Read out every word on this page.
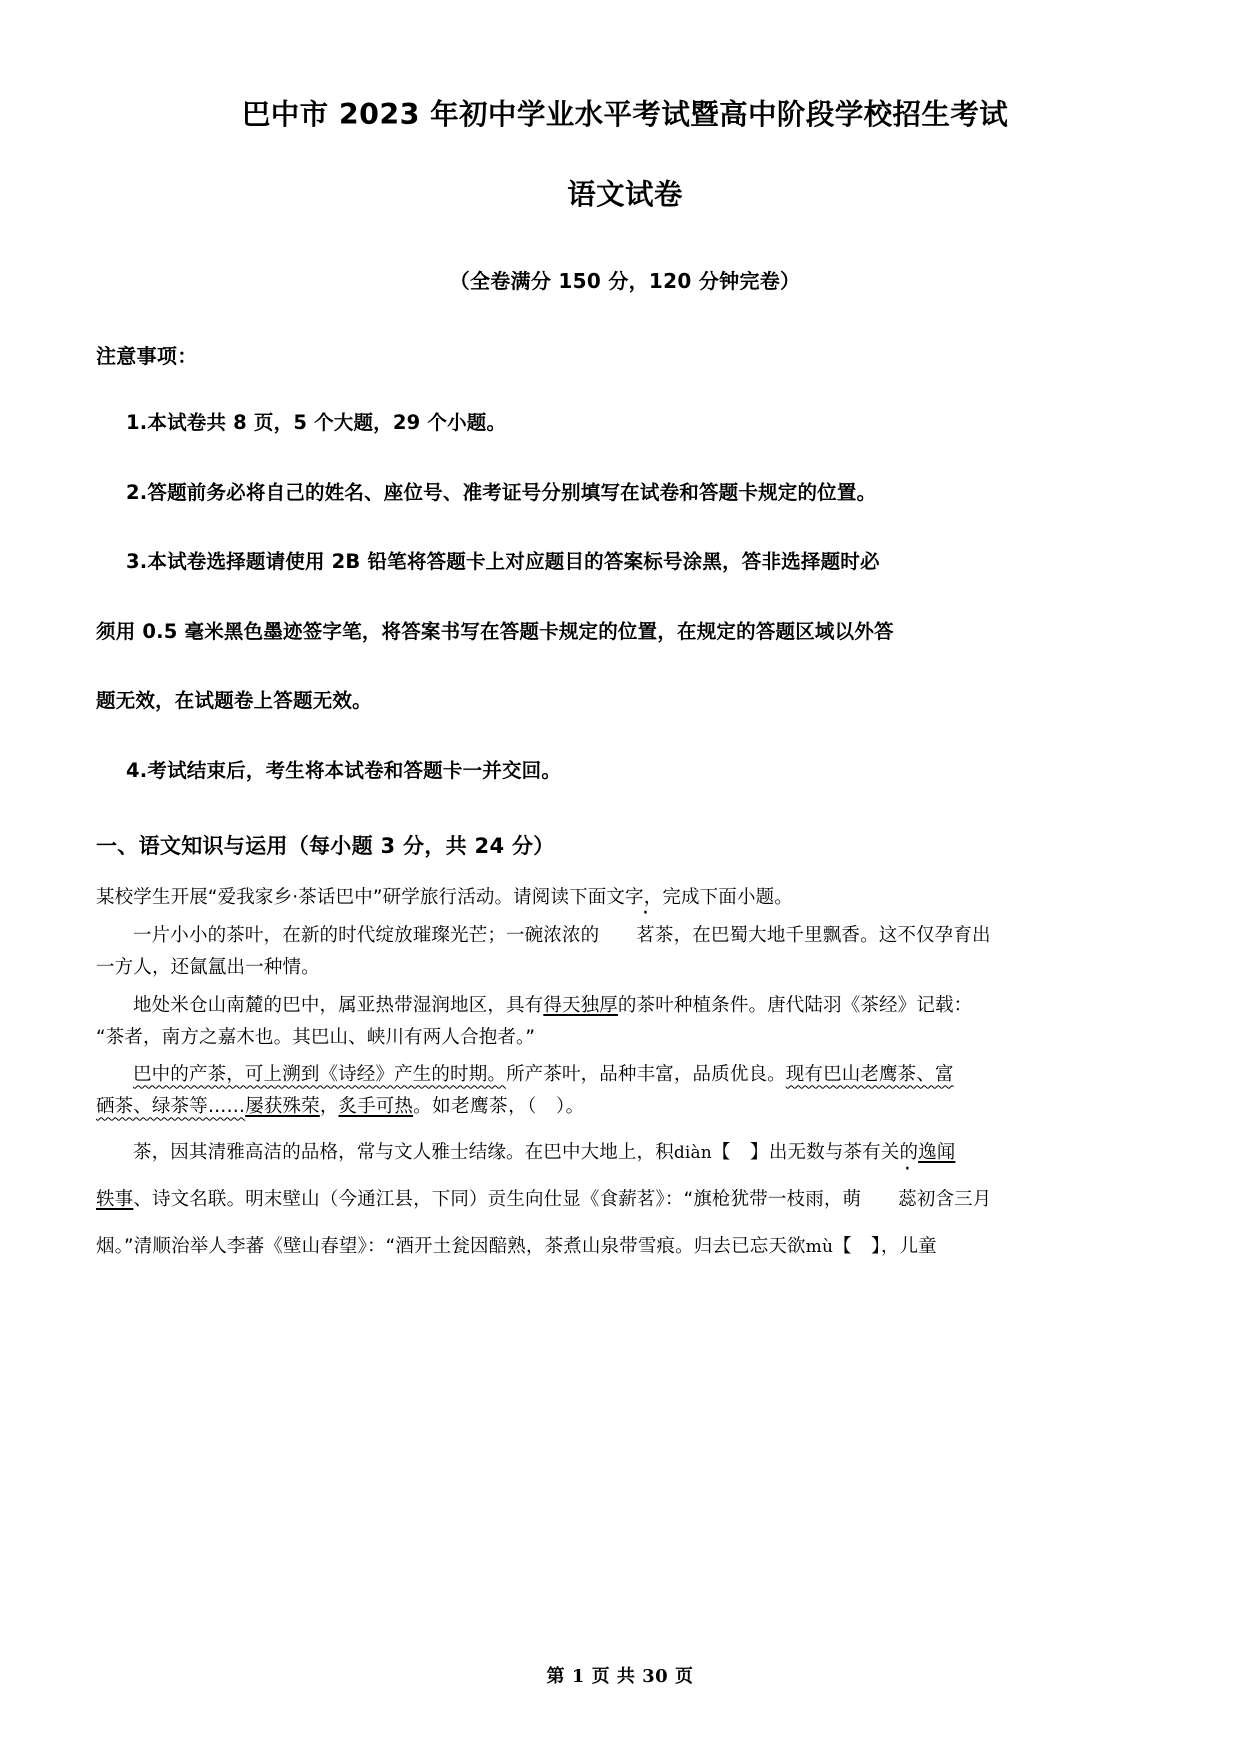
巴中市 2023 年初中学业水平考试暨高中阶段学校招生考试
语文试卷

（全卷满分 150 分，120 分钟完卷）

注意事项：

1.本试卷共 8 页，5 个大题，29 个小题。

2.答题前务必将自己的姓名、座位号、准考证号分别填写在试卷和答题卡规定的位置。

3.本试卷选择题请使用 2B 铅笔将答题卡上对应题目的答案标号涂黑，答非选择题时必

须用 0.5 毫米黑色墨迹签字笔，将答案书写在答题卡规定的位置，在规定的答题区域以外答

题无效，在试题卷上答题无效。

4.考试结束后，考生将本试卷和答题卡一并交回。

一、语文知识与运用（每小题 3 分，共 24 分）

某校学生开展“爱我家乡·茶话巴中”研学旅行活动。请阅读下面文字，完成下面小题。

一片小小的茶叶，在新的时代绽放璀璨光芒；一碗浓浓的 茗茶，在巴蜀大地千里飘香。这不仅孕育出
一方人，还氤氲出一种情。

地处米仓山南麓的巴中，属亚热带湿润地区，具有得天独厚的茶叶种植条件。唐代陆羽《茶经》记载：
“茶者，南方之嘉木也。其巴山、峡川有两人合抱者。”

巴中的产茶，可上溯到《诗经》产生的时期。所产茶叶，品种丰富，品质优良。现有巴山老鹰茶、富
硒茶、绿茶等……屡获殊荣，炙手可热。如老鹰茶，（　）。

茶，因其清雅高洁的品格，常与文人雅士结缘。在巴中大地上，积diàn【　】出无数与茶有关的逸闻
轶事、诗文名联。明末壁山（今通江县，下同）贡生向仕显《食薪茗》：“旗枪犹带一枝雨，萌 蕊初含三月
烟。”清顺治举人李蕃《壁山春望》：“酒开土瓮因醅熟，茶煮山泉带雪痕。归去已忘天欲mù【　】，儿童

第 1 页 共 30 页
